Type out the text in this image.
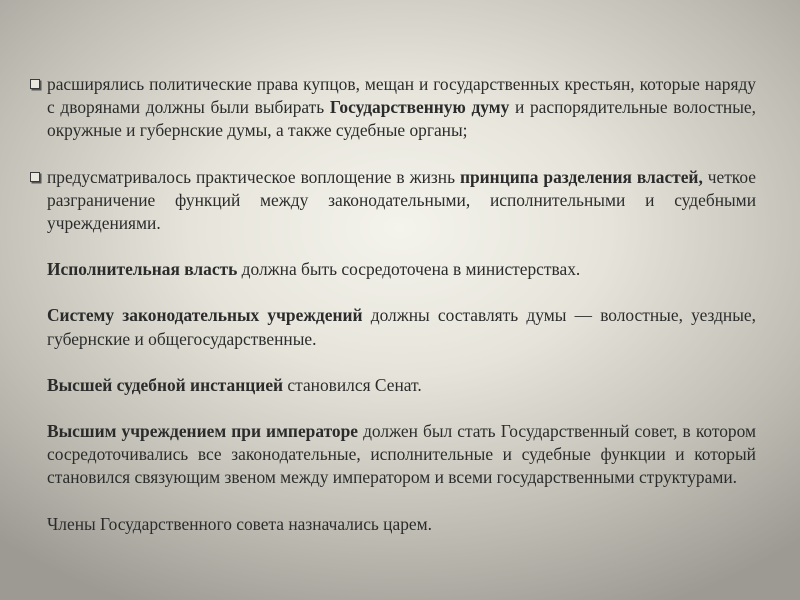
расширялись политические права купцов, мещан и государственных крестьян, которые наряду с дворянами должны были выбирать Государственную думу и распорядительные волостные, окружные и губернские думы, а также судебные органы;

предусматривалось практическое воплощение в жизнь принципа разделения властей, четкое разграничение функций между законодательными, исполнительными и судебными учреждениями.

Исполнительная власть должна быть сосредоточена в министерствах.

Систему законодательных учреждений должны составлять думы — волостные, уездные, губернские и общегосударственные.

Высшей судебной инстанцией становился Сенат.

Высшим учреждением при императоре должен был стать Государственный совет, в котором сосредоточивались все законодательные, исполнительные и судебные функции и который становился связующим звеном между императором и всеми государственными структурами.

Члены Государственного совета назначались царем.
